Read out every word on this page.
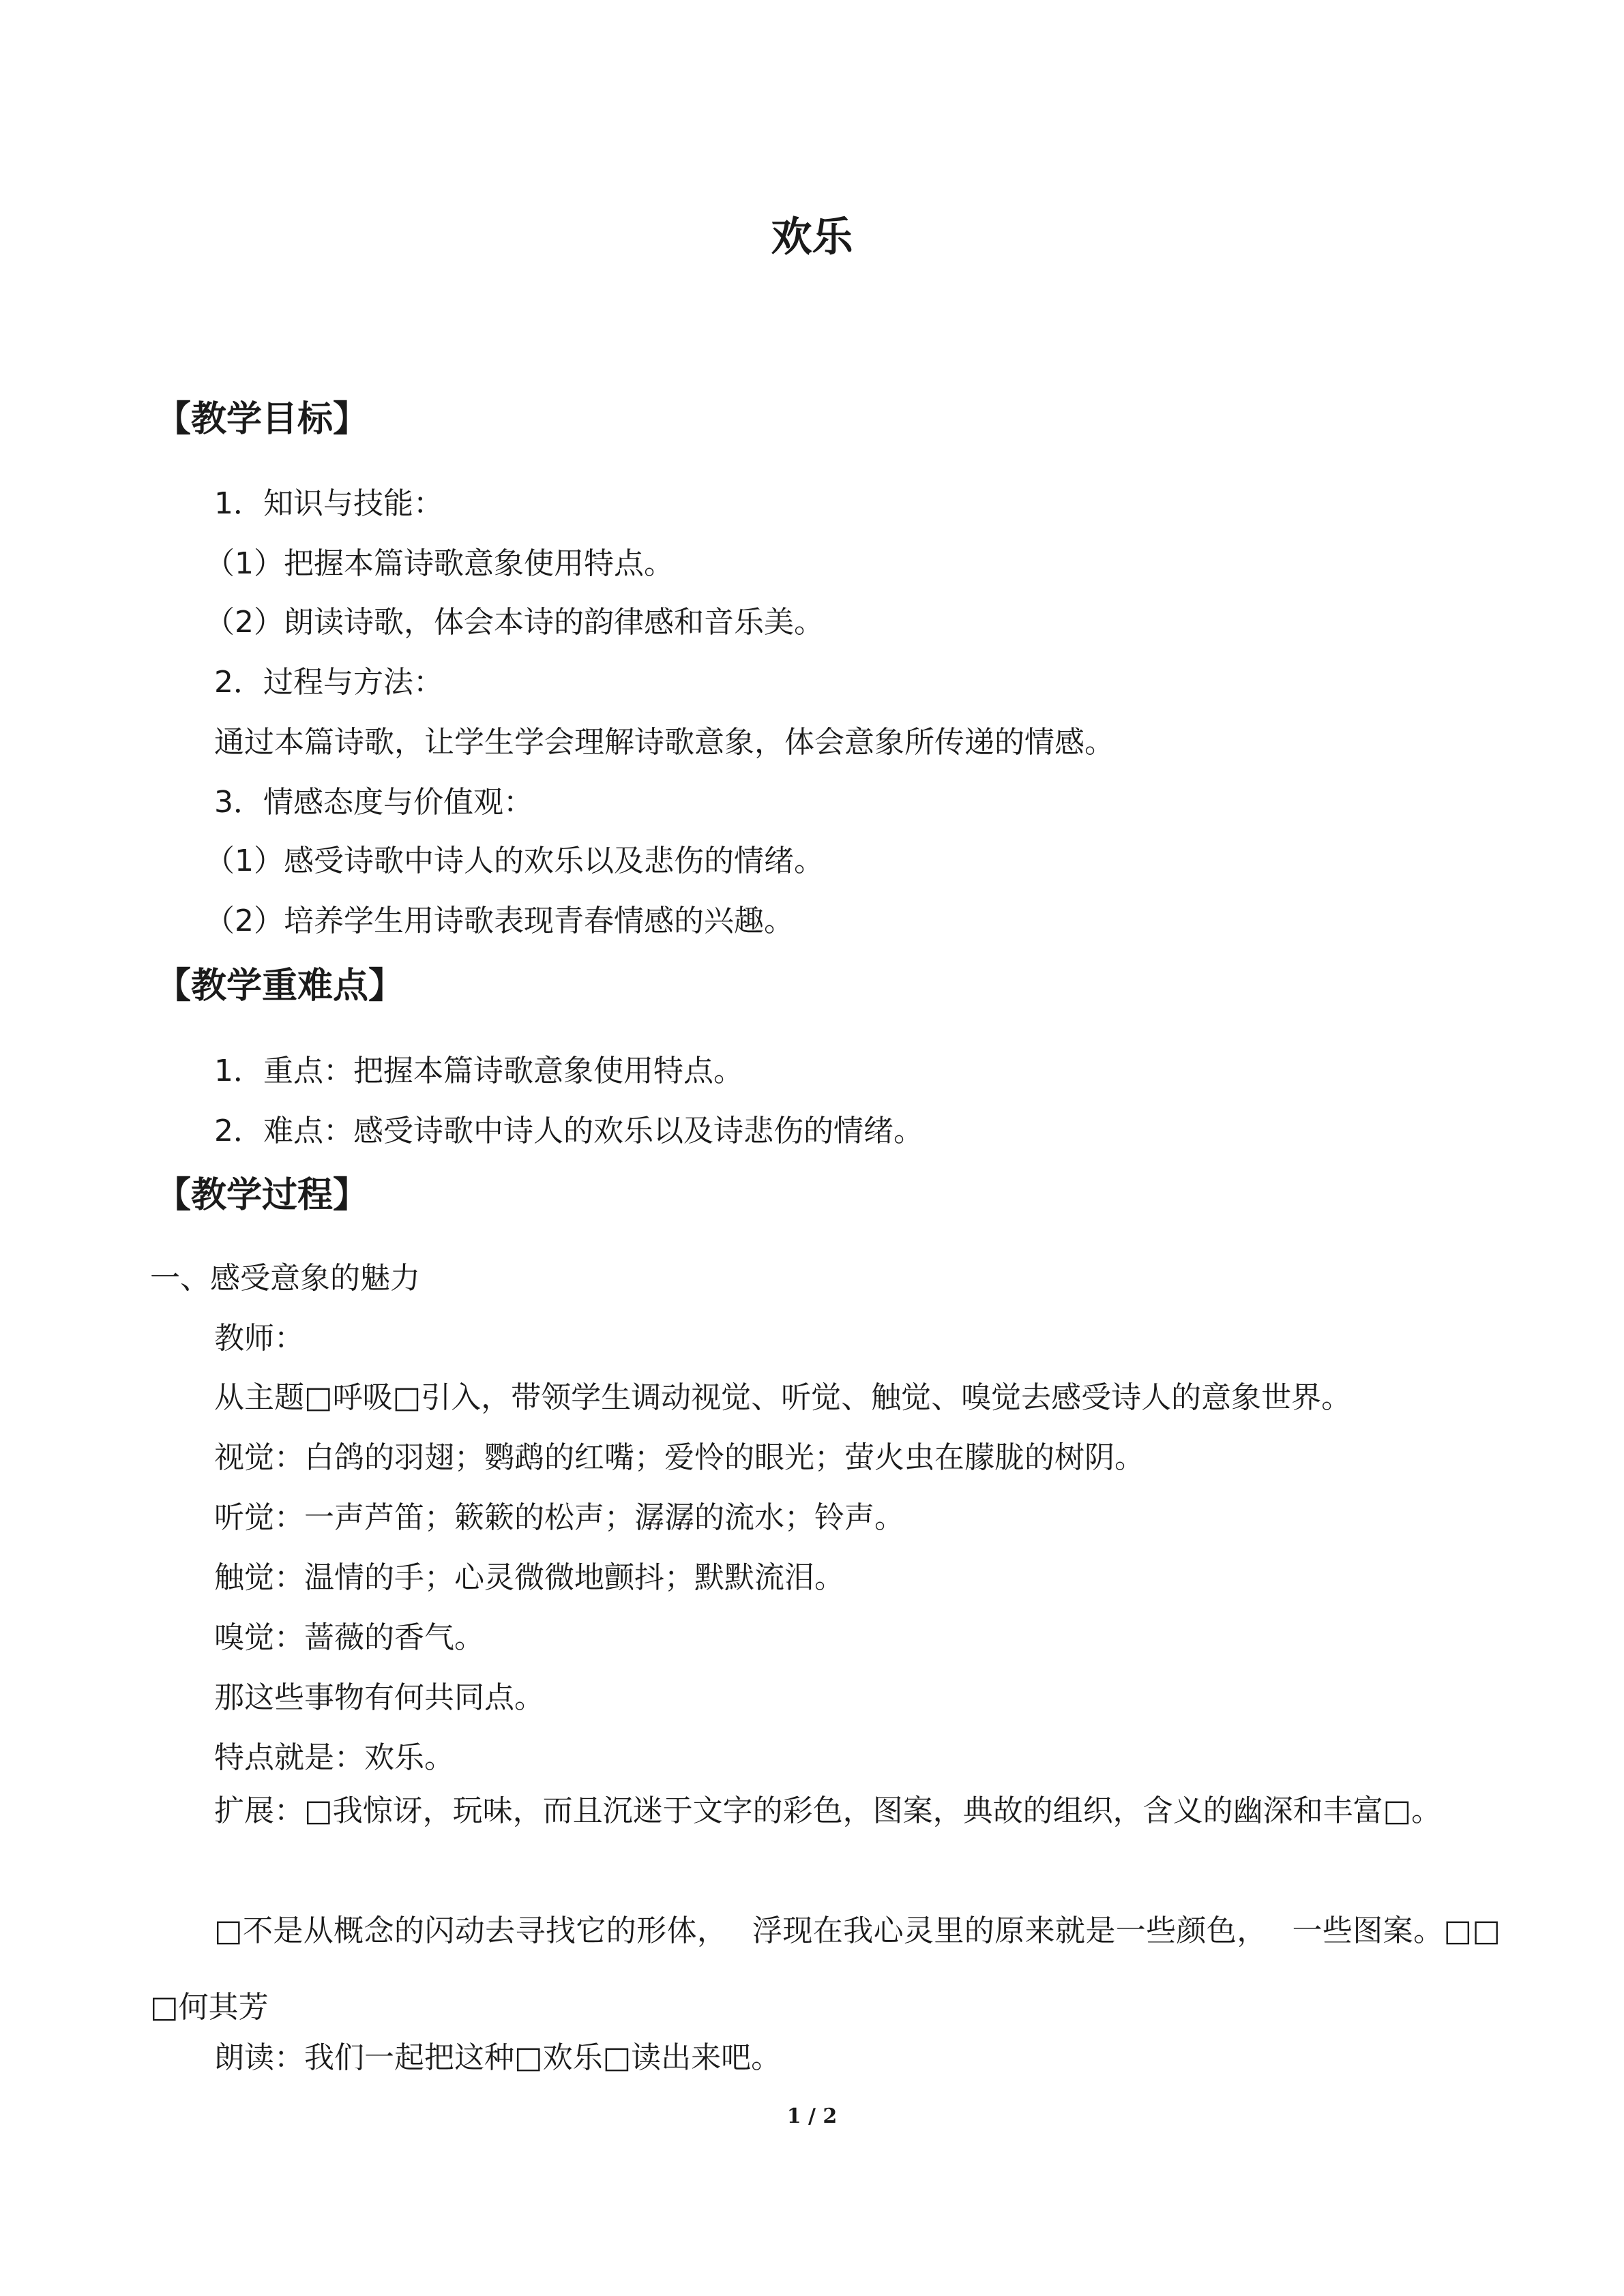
欢乐
【教学目标】
1．知识与技能：
（1）把握本篇诗歌意象使用特点。
（2）朗读诗歌，体会本诗的韵律感和音乐美。
2．过程与方法：
通过本篇诗歌，让学生学会理解诗歌意象，体会意象所传递的情感。
3．情感态度与价值观：
（1）感受诗歌中诗人的欢乐以及悲伤的情绪。
（2）培养学生用诗歌表现青春情感的兴趣。
【教学重难点】
1．重点：把握本篇诗歌意象使用特点。
2．难点：感受诗歌中诗人的欢乐以及诗悲伤的情绪。
【教学过程】
一、感受意象的魅力
教师：
从主题□呼吸□引入，带领学生调动视觉、听觉、触觉、嗅觉去感受诗人的意象世界。
视觉：白鸽的羽翅；鹦鹉的红嘴；爱怜的眼光；萤火虫在朦胧的树阴。
听觉：一声芦笛；簌簌的松声；潺潺的流水；铃声。
触觉：温情的手；心灵微微地颤抖；默默流泪。
嗅觉：蔷薇的香气。
那这些事物有何共同点。
特点就是：欢乐。
扩展：□我惊讶，玩味，而且沉迷于文字的彩色，图案，典故的组织，含义的幽深和丰富□。
□不是从概念的闪动去寻找它的形体，　 浮现在我心灵里的原来就是一些颜色，　 一些图案。□□ □何其芳
朗读：我们一起把这种□欢乐□读出来吧。
1 / 2
